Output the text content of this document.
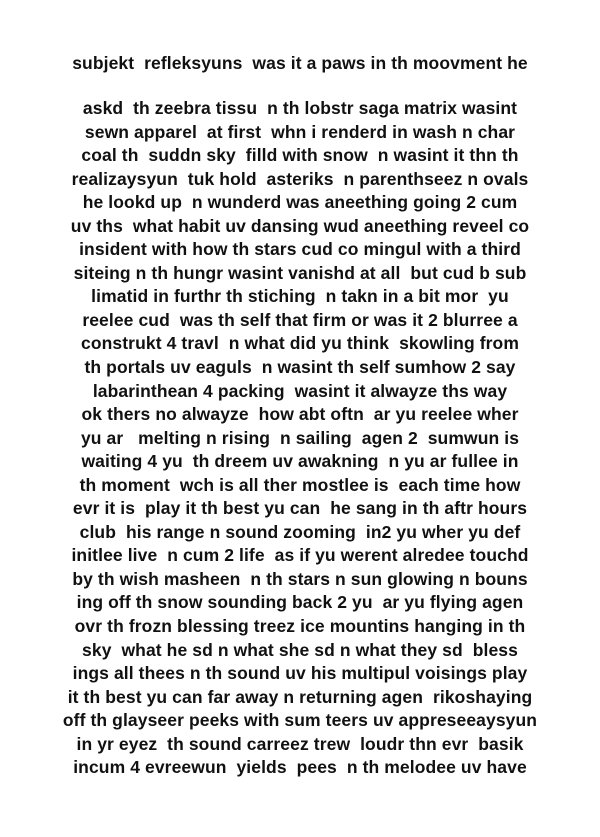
subjekt  refleksyuns  was it a paws in th moovment he
askd  th zeebra tissu  n th lobstr saga matrix wasint
sewn apparel  at first  whn i renderd in wash n char
coal th  suddn sky  filld with snow  n wasint it thn th
realizaysyun  tuk hold  asteriks  n parenthseez n ovals
he lookd up  n wunderd was aneething going 2 cum
uv ths  what habit uv dansing wud aneething reveel co
insident with how th stars cud co mingul with a third
siteing n th hungr wasint vanishd at all  but cud b sub
limatid in furthr th stiching  n takn in a bit mor  yu
reelee cud  was th self that firm or was it 2 blurree a
construkt 4 travl  n what did yu think  skowling from
th portals uv eaguls  n wasint th self sumhow 2 say
labarinthean 4 packing  wasint it alwayze ths way
ok thers no alwayze  how abt oftn  ar yu reelee wher
yu ar   melting n rising  n sailing  agen 2  sumwun is
waiting 4 yu  th dreem uv awakning  n yu ar fullee in
th moment  wch is all ther mostlee is  each time how
evr it is  play it th best yu can  he sang in th aftr hours
club  his range n sound zooming  in2 yu wher yu def
initlee live  n cum 2 life  as if yu werent alredee touchd
by th wish masheen  n th stars n sun glowing n bouns
ing off th snow sounding back 2 yu  ar yu flying agen
ovr th frozn blessing treez ice mountins hanging in th
sky  what he sd n what she sd n what they sd  bless
ings all thees n th sound uv his multipul voisings play
it th best yu can far away n returning agen  rikoshaying
off th glayseer peeks with sum teers uv appreseeaysyun
in yr eyez  th sound carreez trew  loudr thn evr  basik
incum 4 evreewun  yields  pees  n th melodee uv have
